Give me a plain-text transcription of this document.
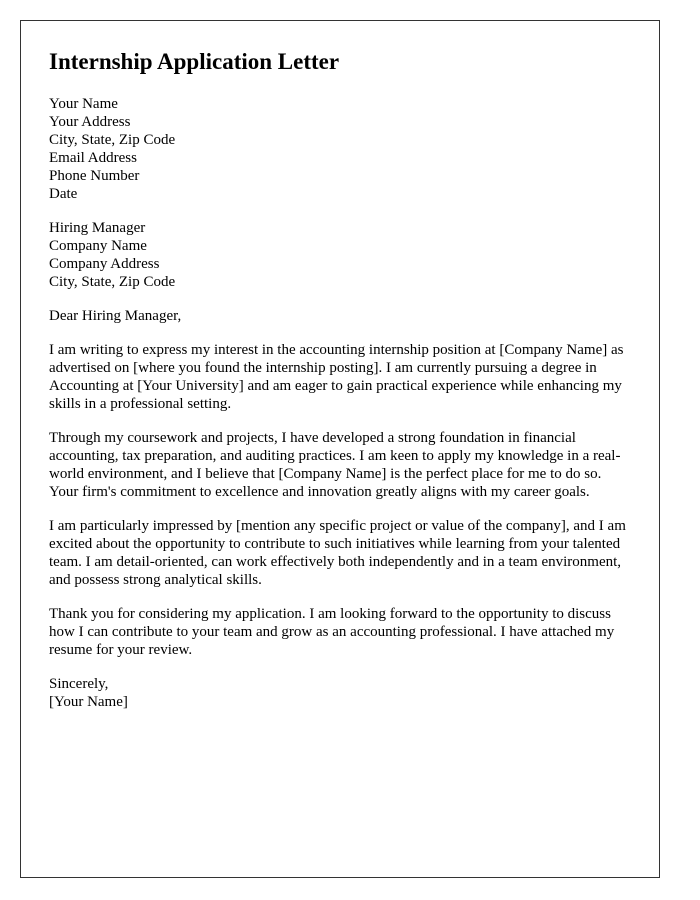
Internship Application Letter
Your Name
Your Address
City, State, Zip Code
Email Address
Phone Number
Date
Hiring Manager
Company Name
Company Address
City, State, Zip Code

Dear Hiring Manager,

I am writing to express my interest in the accounting internship position at [Company Name] as advertised on [where you found the internship posting]. I am currently pursuing a degree in Accounting at [Your University] and am eager to gain practical experience while enhancing my skills in a professional setting.

Through my coursework and projects, I have developed a strong foundation in financial accounting, tax preparation, and auditing practices. I am keen to apply my knowledge in a real-world environment, and I believe that [Company Name] is the perfect place for me to do so. Your firm's commitment to excellence and innovation greatly aligns with my career goals.

I am particularly impressed by [mention any specific project or value of the company], and I am excited about the opportunity to contribute to such initiatives while learning from your talented team. I am detail-oriented, can work effectively both independently and in a team environment, and possess strong analytical skills.

Thank you for considering my application. I am looking forward to the opportunity to discuss how I can contribute to your team and grow as an accounting professional. I have attached my resume for your review.

Sincerely,
[Your Name]
